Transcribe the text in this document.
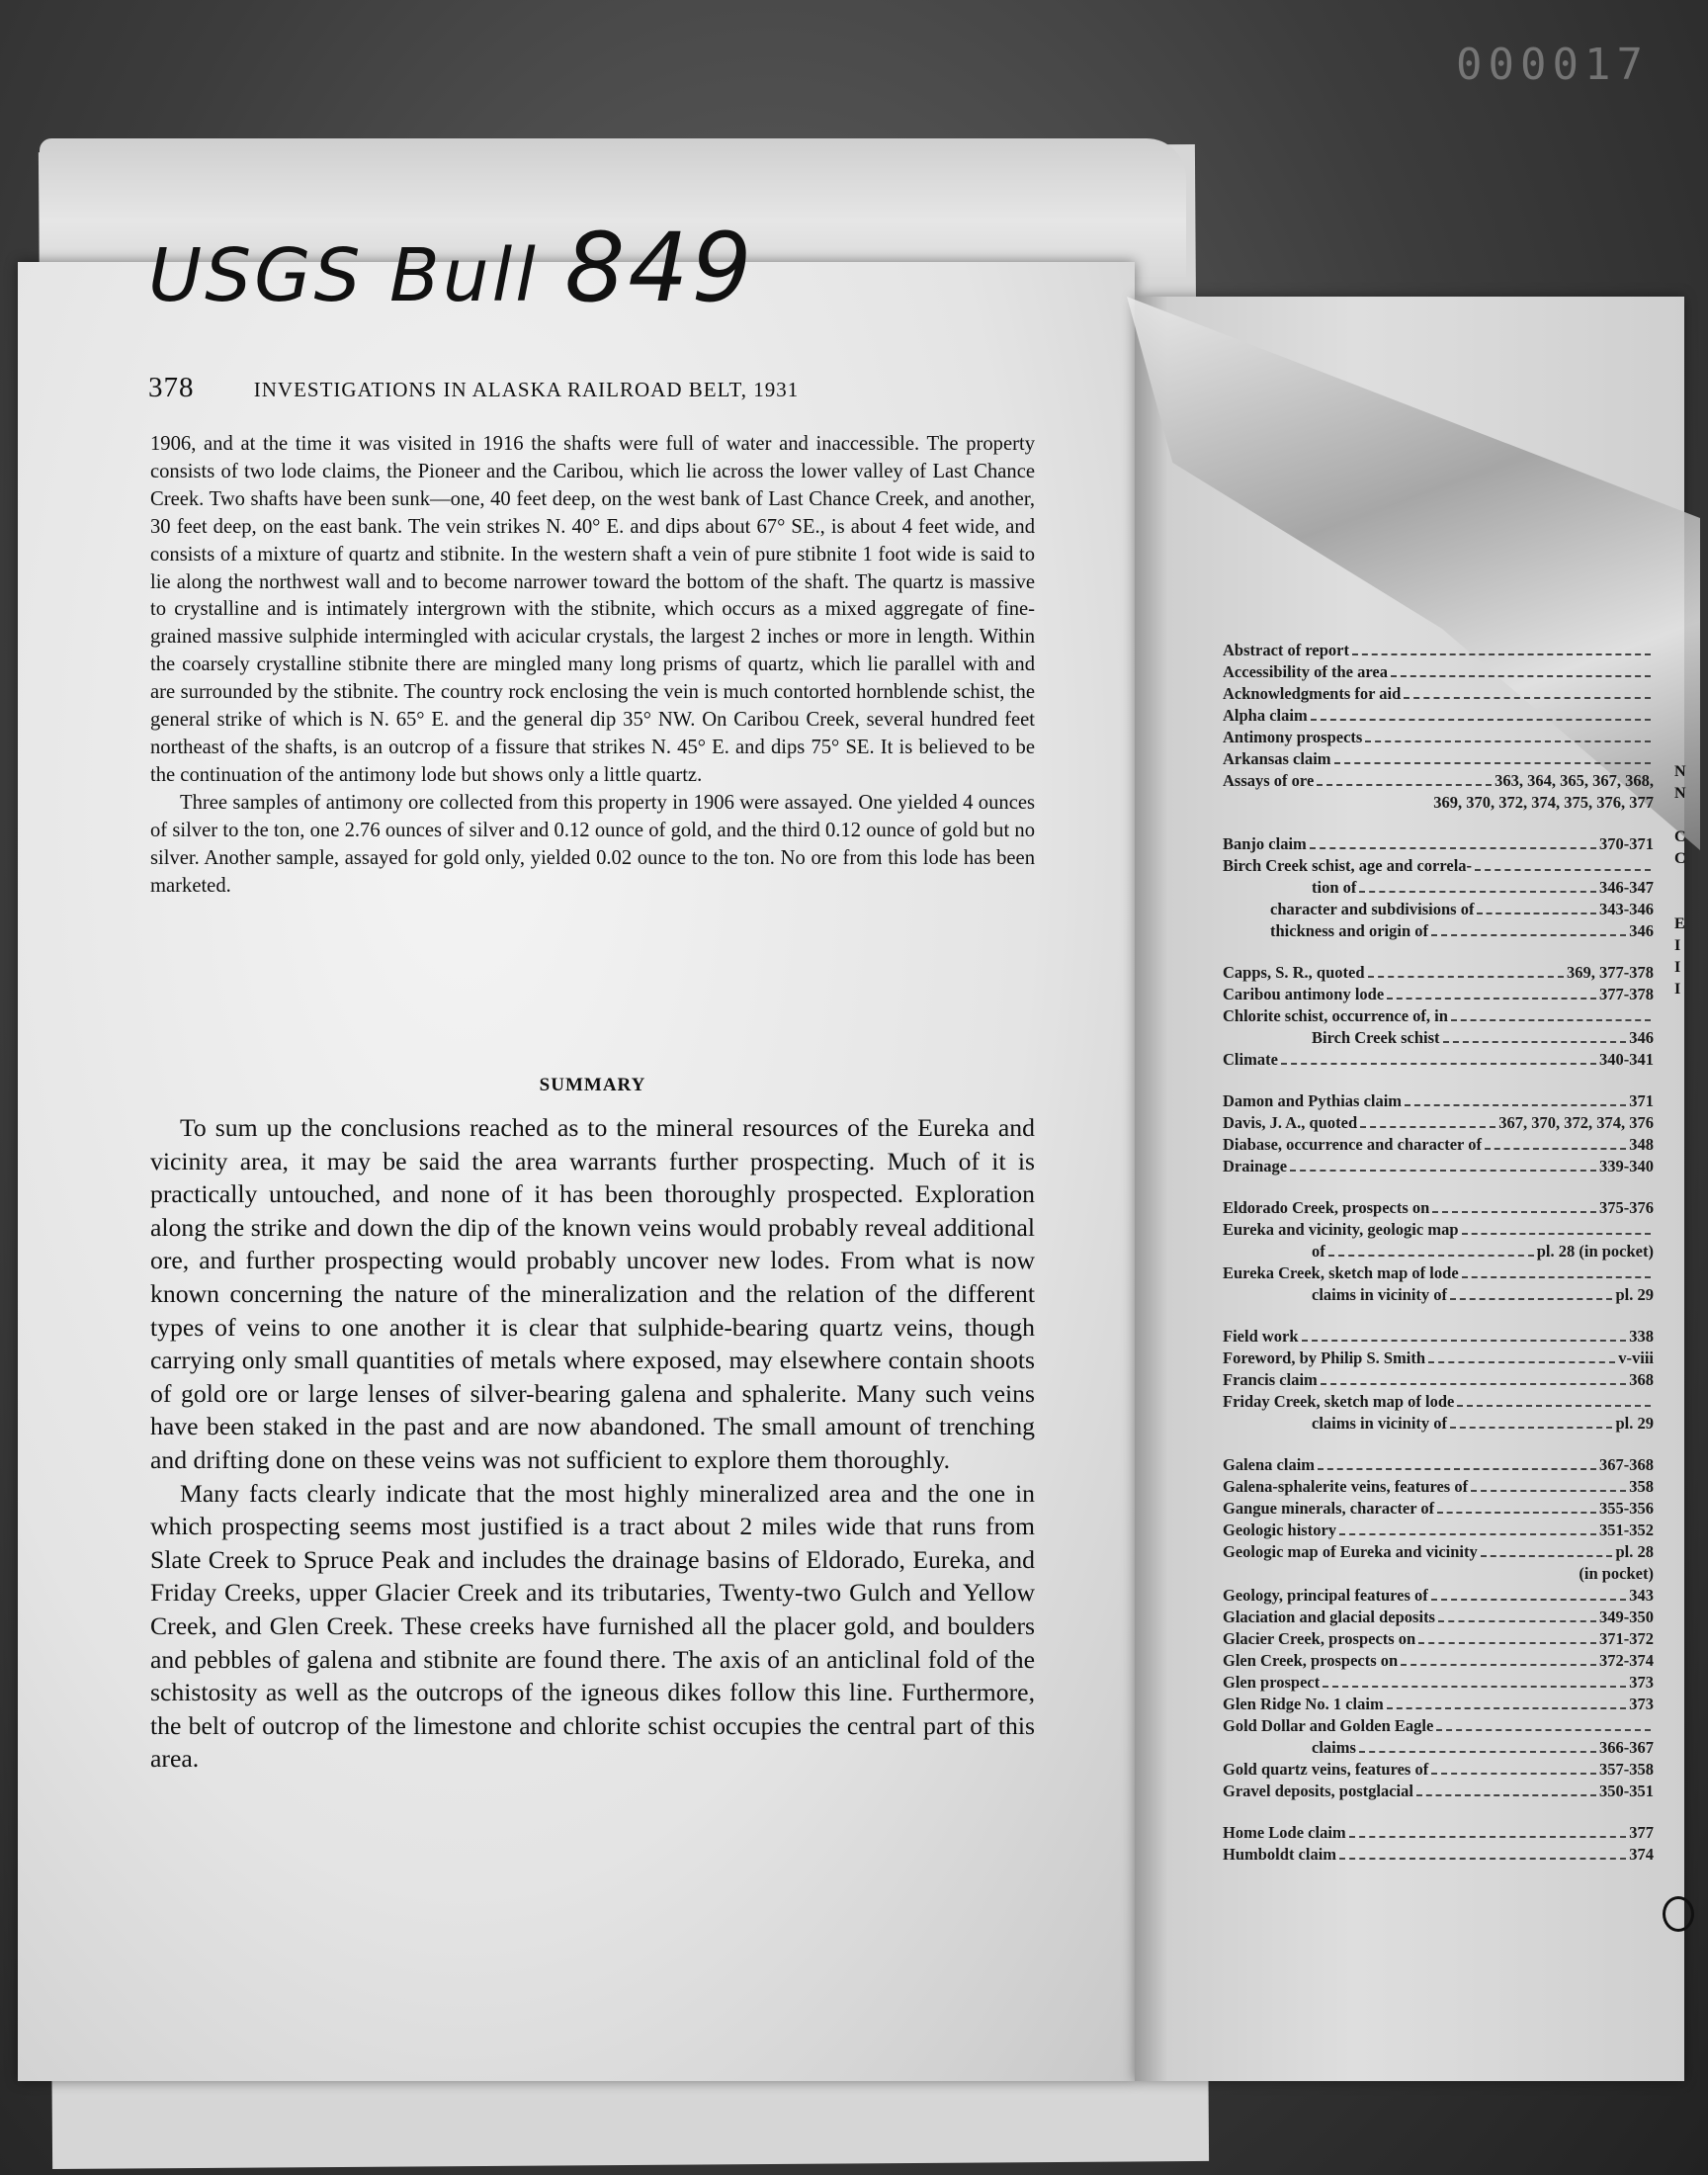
000017
USGS Bull 849
378	INVESTIGATIONS IN ALASKA RAILROAD BELT, 1931

1906, and at the time it was visited in 1916 the shafts were full of water and inaccessible. The property consists of two lode claims, the Pioneer and the Caribou, which lie across the lower valley of Last Chance Creek. Two shafts have been sunk—one, 40 feet deep, on the west bank of Last Chance Creek, and another, 30 feet deep, on the east bank. The vein strikes N. 40° E. and dips about 67° SE., is about 4 feet wide, and consists of a mixture of quartz and stibnite. In the western shaft a vein of pure stibnite 1 foot wide is said to lie along the northwest wall and to become narrower toward the bottom of the shaft. The quartz is massive to crystalline and is intimately intergrown with the stibnite, which occurs as a mixed aggregate of fine-grained massive sulphide intermingled with acicular crystals, the largest 2 inches or more in length. Within the coarsely crystalline stibnite there are mingled many long prisms of quartz, which lie parallel with and are surrounded by the stibnite. The country rock enclosing the vein is much contorted hornblende schist, the general strike of which is N. 65° E. and the general dip 35° NW. On Caribou Creek, several hundred feet northeast of the shafts, is an outcrop of a fissure that strikes N. 45° E. and dips 75° SE. It is believed to be the continuation of the antimony lode but shows only a little quartz.

Three samples of antimony ore collected from this property in 1906 were assayed. One yielded 4 ounces of silver to the ton, one 2.76 ounces of silver and 0.12 ounce of gold, and the third 0.12 ounce of gold but no silver. Another sample, assayed for gold only, yielded 0.02 ounce to the ton. No ore from this lode has been marketed.

SUMMARY

To sum up the conclusions reached as to the mineral resources of the Eureka and vicinity area, it may be said the area warrants further prospecting. Much of it is practically untouched, and none of it has been thoroughly prospected. Exploration along the strike and down the dip of the known veins would probably reveal additional ore, and further prospecting would probably uncover new lodes. From what is now known concerning the nature of the mineralization and the relation of the different types of veins to one another it is clear that sulphide-bearing quartz veins, though carrying only small quantities of metals where exposed, may elsewhere contain shoots of gold ore or large lenses of silver-bearing galena and sphalerite. Many such veins have been staked in the past and are now abandoned. The small amount of trenching and drifting done on these veins was not sufficient to explore them thoroughly.

Many facts clearly indicate that the most highly mineralized area and the one in which prospecting seems most justified is a tract about 2 miles wide that runs from Slate Creek to Spruce Peak and includes the drainage basins of Eldorado, Eureka, and Friday Creeks, upper Glacier Creek and its tributaries, Twenty-two Gulch and Yellow Creek, and Glen Creek. These creeks have furnished all the placer gold, and boulders and pebbles of galena and stibnite are found there. The axis of an anticlinal fold of the schistosity as well as the outcrops of the igneous dikes follow this line. Furthermore, the belt of outcrop of the limestone and chlorite schist occupies the central part of this area.

Abstract of report
Accessibility of the area
Acknowledgments for aid
Alpha claim
Antimony prospects
Arkansas claim
Assays of ore	363, 364, 365, 367, 368,
369, 370, 372, 374, 375, 376, 377
Banjo claim	370-371
Birch Creek schist, age and correla-
tion of	346-347
character and subdivisions of	343-346
thickness and origin of	346
Capps, S. R., quoted	369, 377-378
Caribou antimony lode	377-378
Chlorite schist, occurrence of, in
Birch Creek schist	346
Climate	340-341
Damon and Pythias claim	371
Davis, J. A., quoted	367, 370, 372, 374, 376
Diabase, occurrence and character of	348
Drainage	339-340
Eldorado Creek, prospects on	375-376
Eureka and vicinity, geologic map
of	pl. 28 (in pocket)
Eureka Creek, sketch map of lode
claims in vicinity of	pl. 29
Field work	338
Foreword, by Philip S. Smith	v-viii
Francis claim	368
Friday Creek, sketch map of lode
claims in vicinity of	pl. 29
Galena claim	367-368
Galena-sphalerite veins, features of	358
Gangue minerals, character of	355-356
Geologic history	351-352
Geologic map of Eureka and vicinity	pl. 28
(in pocket)
Geology, principal features of	343
Glaciation and glacial deposits	349-350
Glacier Creek, prospects on	371-372
Glen Creek, prospects on	372-374
Glen prospect	373
Glen Ridge No. 1 claim	373
Gold Dollar and Golden Eagle
claims	366-367
Gold quartz veins, features of	357-358
Gravel deposits, postglacial	350-351
Home Lode claim	377
Humboldt claim	374
N
N

C
C

E
I
I
I
